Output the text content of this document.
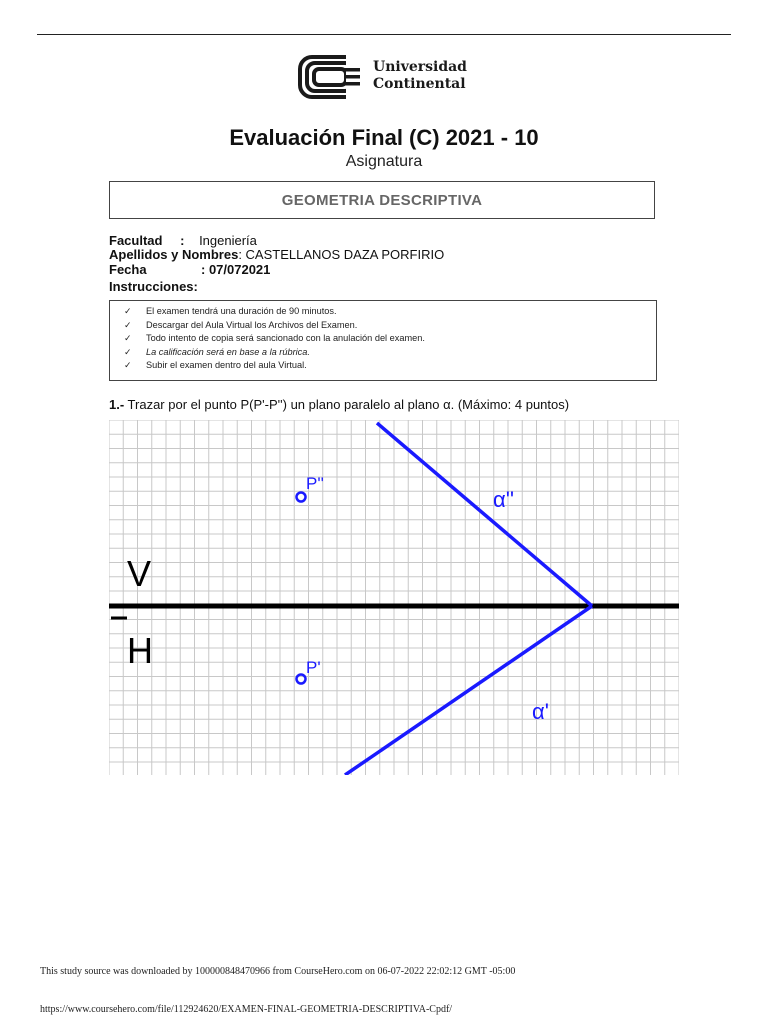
Universidad
Continental
Evaluación Final (C) 2021 - 10
Asignatura
GEOMETRIA DESCRIPTIVA
Facultad : Ingeniería
Apellidos y Nombres: CASTELLANOS DAZA PORFIRIO
Fecha	: 07/072021
Instrucciones:
✓	El examen tendrá una duración de 90 minutos.
✓	Descargar del Aula Virtual los Archivos del Examen.
✓	Todo intento de copia será sancionado con la anulación del examen.
✓	La calificación será en base a la rúbrica.
✓	Subir el examen dentro del aula Virtual.
1.- Trazar por el punto P(P'-P'') un plano paralelo al plano α. (Máximo: 4 puntos)
V
H
P''
P'
α''
α'
This study source was downloaded by 100000848470966 from CourseHero.com on 06-07-2022 22:02:12 GMT -05:00
https://www.coursehero.com/file/112924620/EXAMEN-FINAL-GEOMETRIA-DESCRIPTIVA-Cpdf/
